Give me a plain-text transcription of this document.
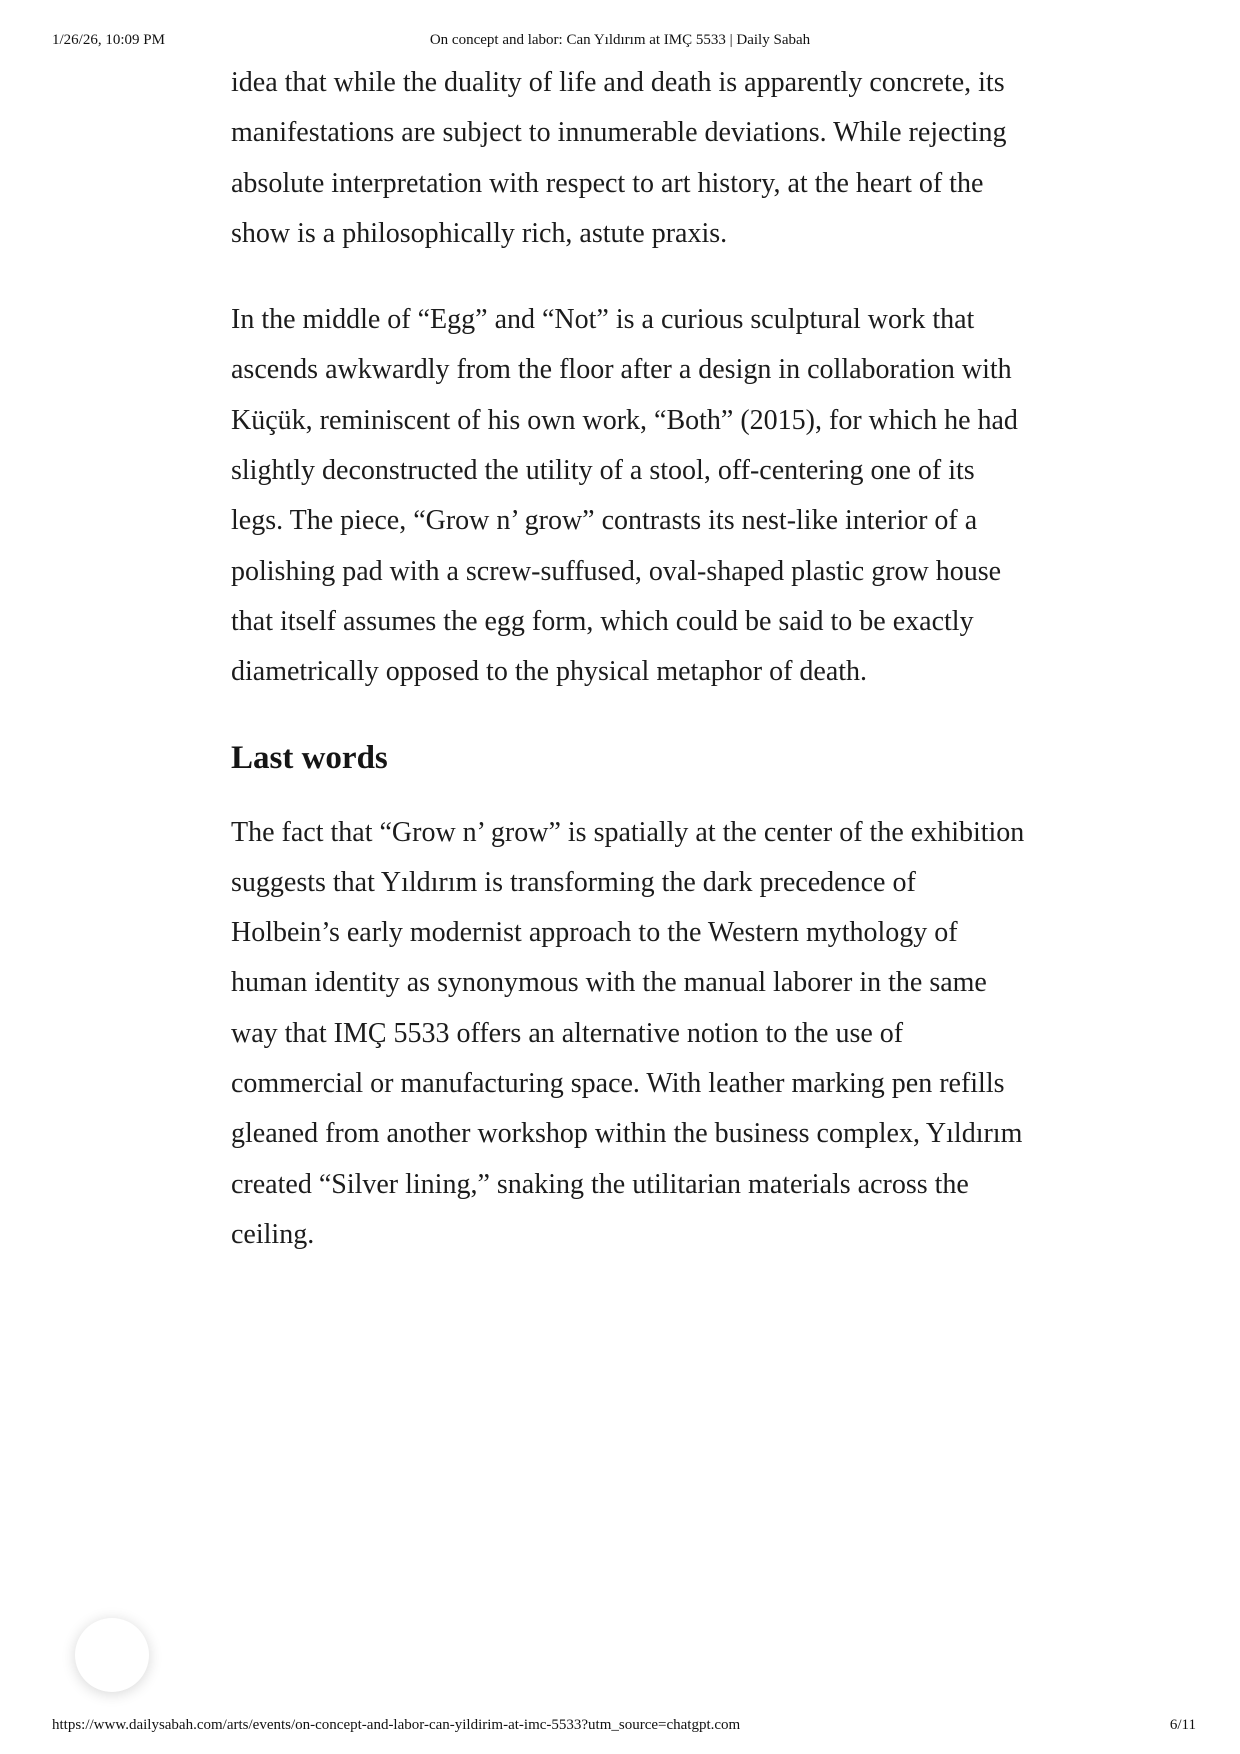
1/26/26, 10:09 PM	On concept and labor: Can Yıldırım at IMÇ 5533 | Daily Sabah

idea that while the duality of life and death is apparently concrete, its manifestations are subject to innumerable deviations. While rejecting absolute interpretation with respect to art history, at the heart of the show is a philosophically rich, astute praxis.

In the middle of “Egg” and “Not” is a curious sculptural work that ascends awkwardly from the floor after a design in collaboration with Küçük, reminiscent of his own work, “Both” (2015), for which he had slightly deconstructed the utility of a stool, off-centering one of its legs. The piece, “Grow n’ grow” contrasts its nest-like interior of a polishing pad with a screw-suffused, oval-shaped plastic grow house that itself assumes the egg form, which could be said to be exactly diametrically opposed to the physical metaphor of death.

Last words

The fact that “Grow n’ grow” is spatially at the center of the exhibition suggests that Yıldırım is transforming the dark precedence of Holbein’s early modernist approach to the Western mythology of human identity as synonymous with the manual laborer in the same way that IMÇ 5533 offers an alternative notion to the use of commercial or manufacturing space. With leather marking pen refills gleaned from another workshop within the business complex, Yıldırım created “Silver lining,” snaking the utilitarian materials across the ceiling.

https://www.dailysabah.com/arts/events/on-concept-and-labor-can-yildirim-at-imc-5533?utm_source=chatgpt.com	6/11
